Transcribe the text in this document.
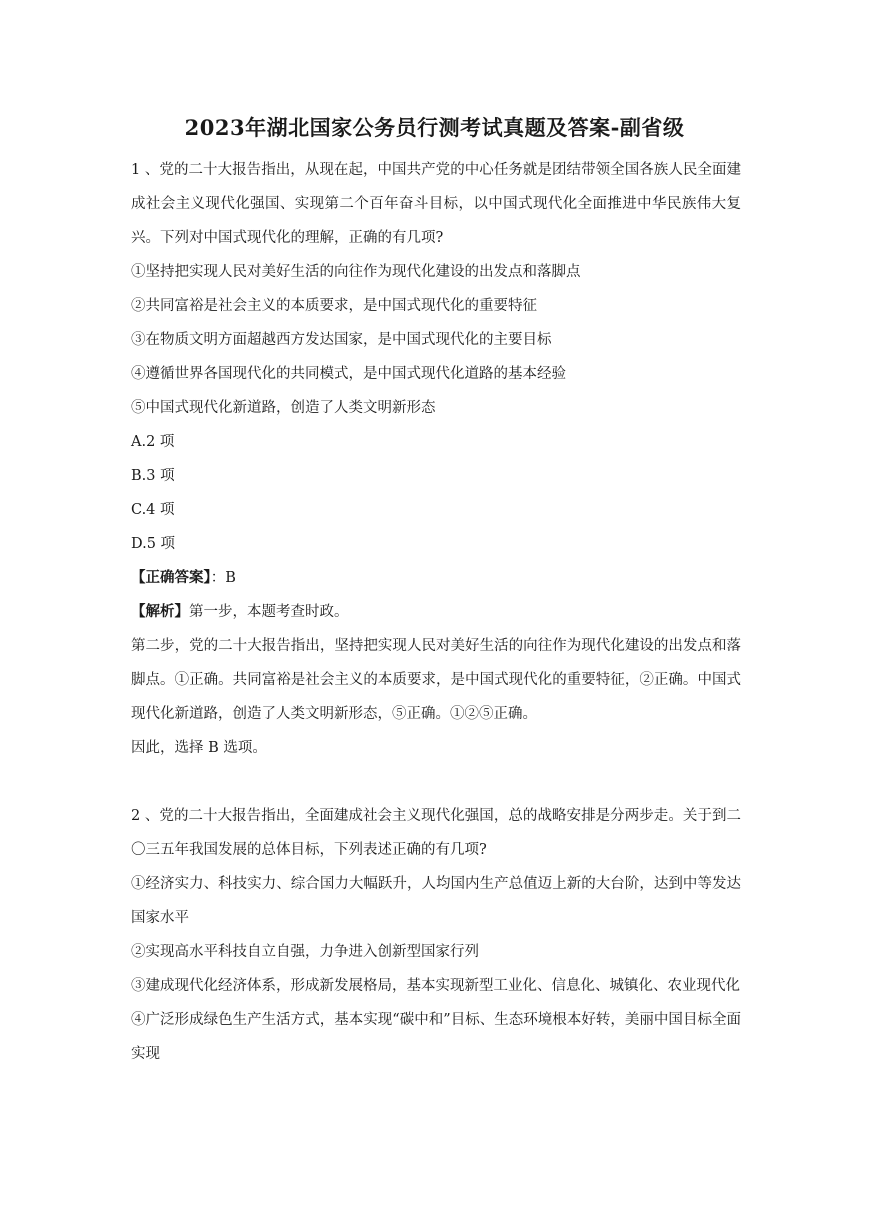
2023年湖北国家公务员行测考试真题及答案-副省级

1 、党的二十大报告指出，从现在起，中国共产党的中心任务就是团结带领全国各族人民全面建成社会主义现代化强国、实现第二个百年奋斗目标，以中国式现代化全面推进中华民族伟大复兴。下列对中国式现代化的理解，正确的有几项?

①坚持把实现人民对美好生活的向往作为现代化建设的出发点和落脚点

②共同富裕是社会主义的本质要求，是中国式现代化的重要特征

③在物质文明方面超越西方发达国家，是中国式现代化的主要目标

④遵循世界各国现代化的共同模式，是中国式现代化道路的基本经验

⑤中国式现代化新道路，创造了人类文明新形态

A.2 项

B.3 项

C.4 项

D.5 项

【正确答案】：B

【解析】第一步，本题考查时政。

第二步，党的二十大报告指出，坚持把实现人民对美好生活的向往作为现代化建设的出发点和落脚点。①正确。共同富裕是社会主义的本质要求，是中国式现代化的重要特征，②正确。中国式现代化新道路，创造了人类文明新形态，⑤正确。①②⑤正确。

因此，选择 B 选项。

2 、党的二十大报告指出，全面建成社会主义现代化强国，总的战略安排是分两步走。关于到二〇三五年我国发展的总体目标，下列表述正确的有几项?

①经济实力、科技实力、综合国力大幅跃升，人均国内生产总值迈上新的大台阶，达到中等发达国家水平

②实现高水平科技自立自强，力争进入创新型国家行列

③建成现代化经济体系，形成新发展格局，基本实现新型工业化、信息化、城镇化、农业现代化

④广泛形成绿色生产生活方式，基本实现“碳中和”目标、生态环境根本好转，美丽中国目标全面实现
